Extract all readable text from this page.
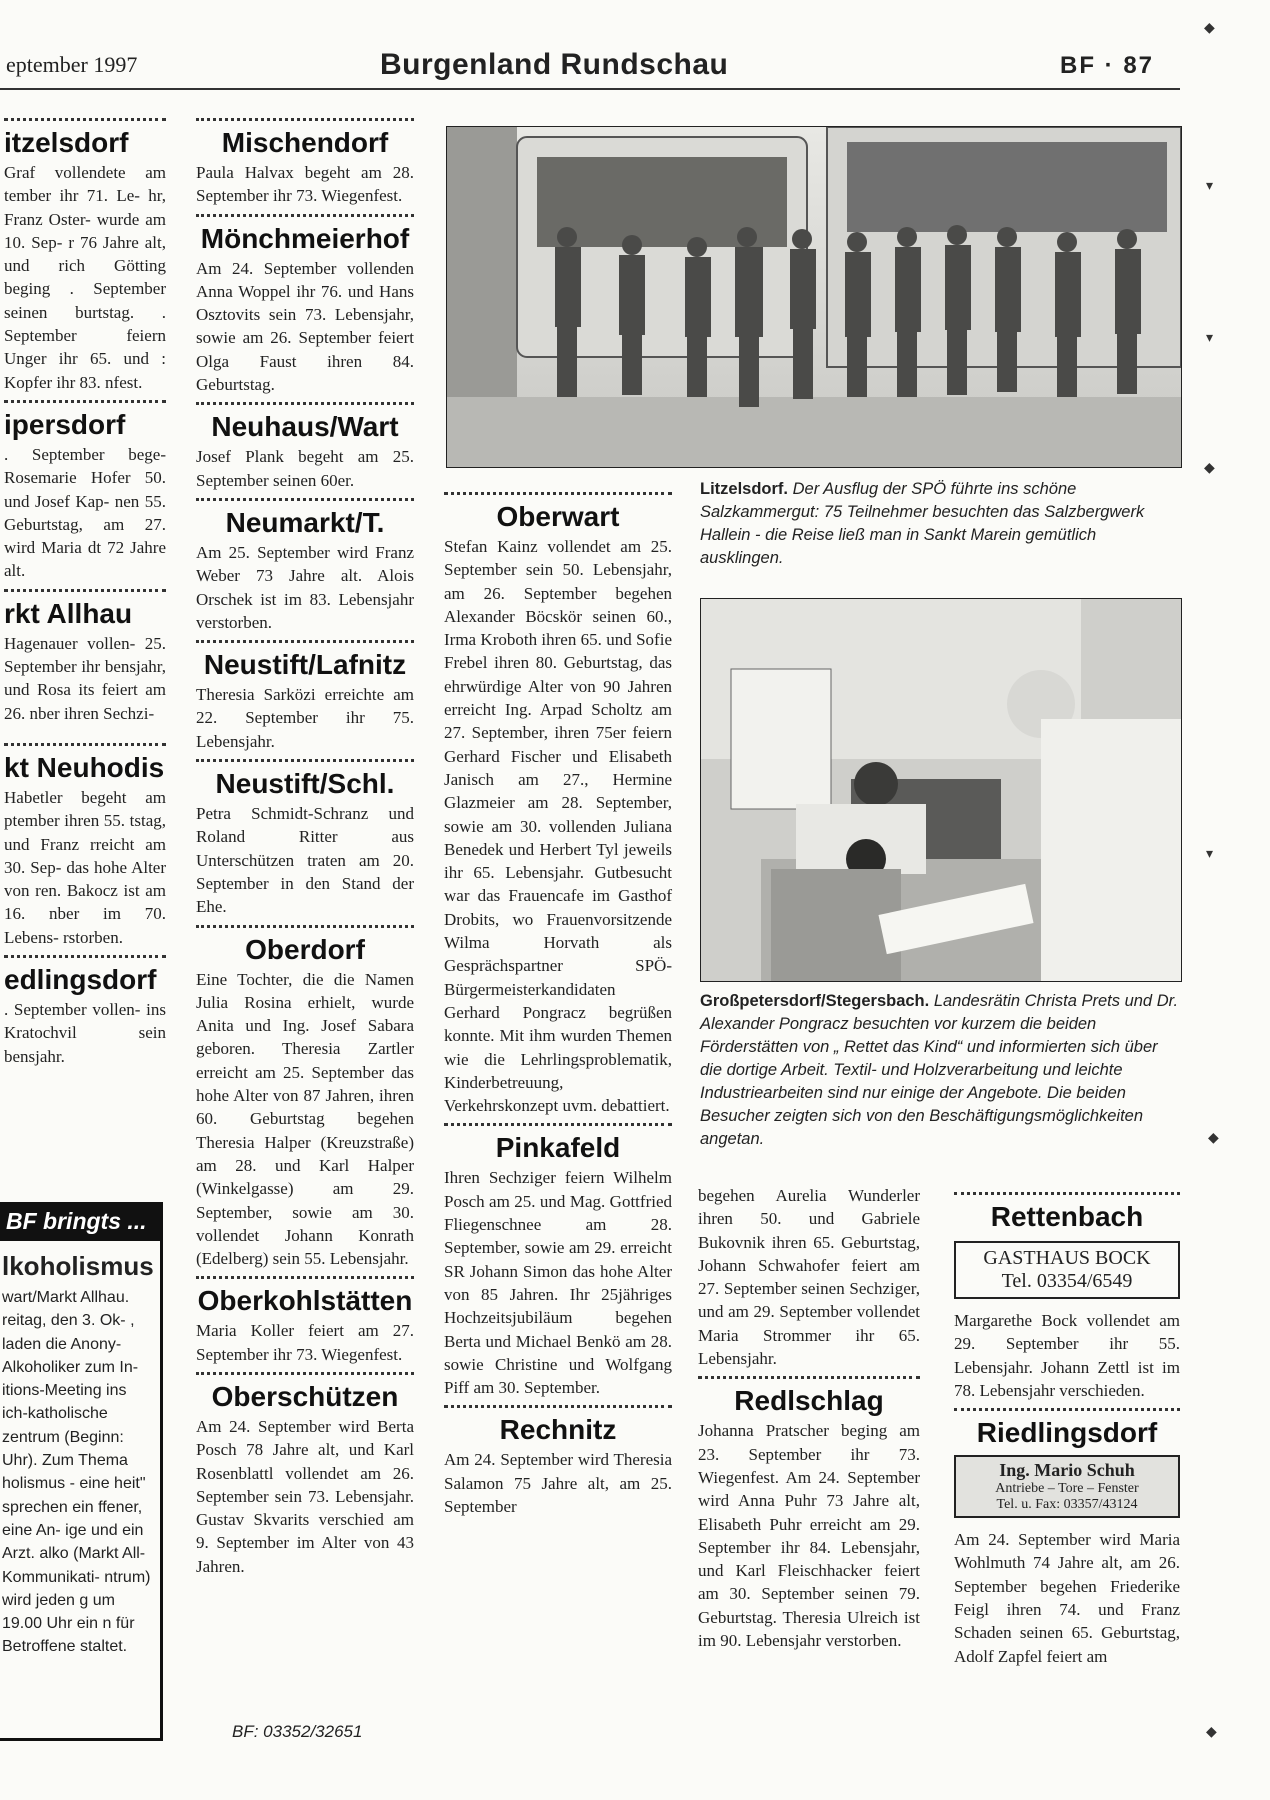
eptember 1997	Burgenland Rundschau	BF · 87
itzelsdorf

Graf vollendete am tember ihr 71. Le- hr, Franz Oster- wurde am 10. Sep- r 76 Jahre alt, und rich Götting beging . September seinen burtstag. . September feiern Unger ihr 65. und : Kopfer ihr 83. nfest.

ipersdorf

. September bege- Rosemarie Hofer 50. und Josef Kap- nen 55. Geburtstag, am 27. wird Maria dt 72 Jahre alt.

rkt Allhau

Hagenauer vollen- 25. September ihr bensjahr, und Rosa its feiert am 26. nber ihren Sechzi-

kt Neuhodis

Habetler begeht am ptember ihren 55. tstag, und Franz rreicht am 30. Sep- das hohe Alter von ren. Bakocz ist am 16. nber im 70. Lebens- rstorben.

edlingsdorf

. September vollen- ins Kratochvil sein bensjahr.

BF bringts ...
lkoholismus

wart/Markt Allhau. reitag, den 3. Ok- , laden die Anony- Alkoholiker zum In- itions-Meeting ins ich-katholische zentrum (Beginn: Uhr). Zum Thema holismus - eine heit" sprechen ein ffener, eine An- ige und ein Arzt. alko (Markt All- Kommunikati- ntrum) wird jeden g um 19.00 Uhr ein n für Betroffene staltet.

Mischendorf

Paula Halvax begeht am 28. September ihr 73. Wiegenfest.

Mönchmeierhof

Am 24. September vollenden Anna Woppel ihr 76. und Hans Osztovits sein 73. Lebensjahr, sowie am 26. September feiert Olga Faust ihren 84. Geburtstag.

Neuhaus/Wart

Josef Plank begeht am 25. September seinen 60er.

Neumarkt/T.

Am 25. September wird Franz Weber 73 Jahre alt. Alois Orschek ist im 83. Lebensjahr verstorben.

Neustift/Lafnitz

Theresia Sarközi erreichte am 22. September ihr 75. Lebensjahr.

Neustift/Schl.

Petra Schmidt-Schranz und Roland Ritter aus Unterschützen traten am 20. September in den Stand der Ehe.

Oberdorf

Eine Tochter, die die Namen Julia Rosina erhielt, wurde Anita und Ing. Josef Sabara geboren. Theresia Zartler erreicht am 25. September das hohe Alter von 87 Jahren, ihren 60. Geburtstag begehen Theresia Halper (Kreuzstraße) am 28. und Karl Halper (Winkelgasse) am 29. September, sowie am 30. vollendet Johann Konrath (Edelberg) sein 55. Lebensjahr.

Oberkohlstätten

Maria Koller feiert am 27. September ihr 73. Wiegenfest.

Oberschützen

Am 24. September wird Berta Posch 78 Jahre alt, und Karl Rosenblattl vollendet am 26. September sein 73. Lebensjahr. Gustav Skvarits verschied am 9. September im Alter von 43 Jahren.

BF: 03352/32651
Litzelsdorf. Der Ausflug der SPÖ führte ins schöne Salzkammergut: 75 Teilnehmer besuchten das Salzbergwerk Hallein - die Reise ließ man in Sankt Marein gemütlich ausklingen.
Oberwart

Stefan Kainz vollendet am 25. September sein 50. Lebensjahr, am 26. September begehen Alexander Böcskör seinen 60., Irma Kroboth ihren 65. und Sofie Frebel ihren 80. Geburtstag, das ehrwürdige Alter von 90 Jahren erreicht Ing. Arpad Scholtz am 27. September, ihren 75er feiern Gerhard Fischer und Elisabeth Janisch am 27., Hermine Glazmeier am 28. September, sowie am 30. vollenden Juliana Benedek und Herbert Tyl jeweils ihr 65. Lebensjahr. Gutbesucht war das Frauencafe im Gasthof Drobits, wo Frauenvorsitzende Wilma Horvath als Gesprächspartner SPÖ-Bürgermeisterkandidaten Gerhard Pongracz begrüßen konnte. Mit ihm wurden Themen wie die Lehrlingsproblematik, Kinderbetreuung, Verkehrskonzept uvm. debattiert.

Pinkafeld

Ihren Sechziger feiern Wilhelm Posch am 25. und Mag. Gottfried Fliegenschnee am 28. September, sowie am 29. erreicht SR Johann Simon das hohe Alter von 85 Jahren. Ihr 25jähriges Hochzeitsjubiläum begehen Berta und Michael Benkö am 28. sowie Christine und Wolfgang Piff am 30. September.

Rechnitz

Am 24. September wird Theresia Salamon 75 Jahre alt, am 25. September

Großpetersdorf/Stegersbach. Landesrätin Christa Prets und Dr. Alexander Pongracz besuchten vor kurzem die beiden Förderstätten von „ Rettet das Kind“ und informierten sich über die dortige Arbeit. Textil- und Holzverarbeitung und leichte Industriearbeiten sind nur einige der Angebote. Die beiden Besucher zeigten sich von den Beschäftigungsmöglichkeiten angetan.

begehen Aurelia Wunderler ihren 50. und Gabriele Bukovnik ihren 65. Geburtstag, Johann Schwahofer feiert am 27. September seinen Sechziger, und am 29. September vollendet Maria Strommer ihr 65. Lebensjahr.

Redlschlag

Johanna Pratscher beging am 23. September ihr 73. Wiegenfest. Am 24. September wird Anna Puhr 73 Jahre alt, Elisabeth Puhr erreicht am 29. September ihr 84. Lebensjahr, und Karl Fleischhacker feiert am 30. September seinen 79. Geburtstag. Theresia Ulreich ist im 90. Lebensjahr verstorben.

Rettenbach
GASTHAUS BOCK
Tel. 03354/6549

Margarethe Bock vollendet am 29. September ihr 55. Lebensjahr. Johann Zettl ist im 78. Lebensjahr verschieden.

Riedlingsdorf
Ing. Mario Schuh
Antriebe – Tore – Fenster
Tel. u. Fax: 03357/43124

Am 24. September wird Maria Wohlmuth 74 Jahre alt, am 26. September begehen Friederike Feigl ihren 74. und Franz Schaden seinen 65. Geburtstag, Adolf Zapfel feiert am

◆
▾
▾
◆
▾
◆
◆
